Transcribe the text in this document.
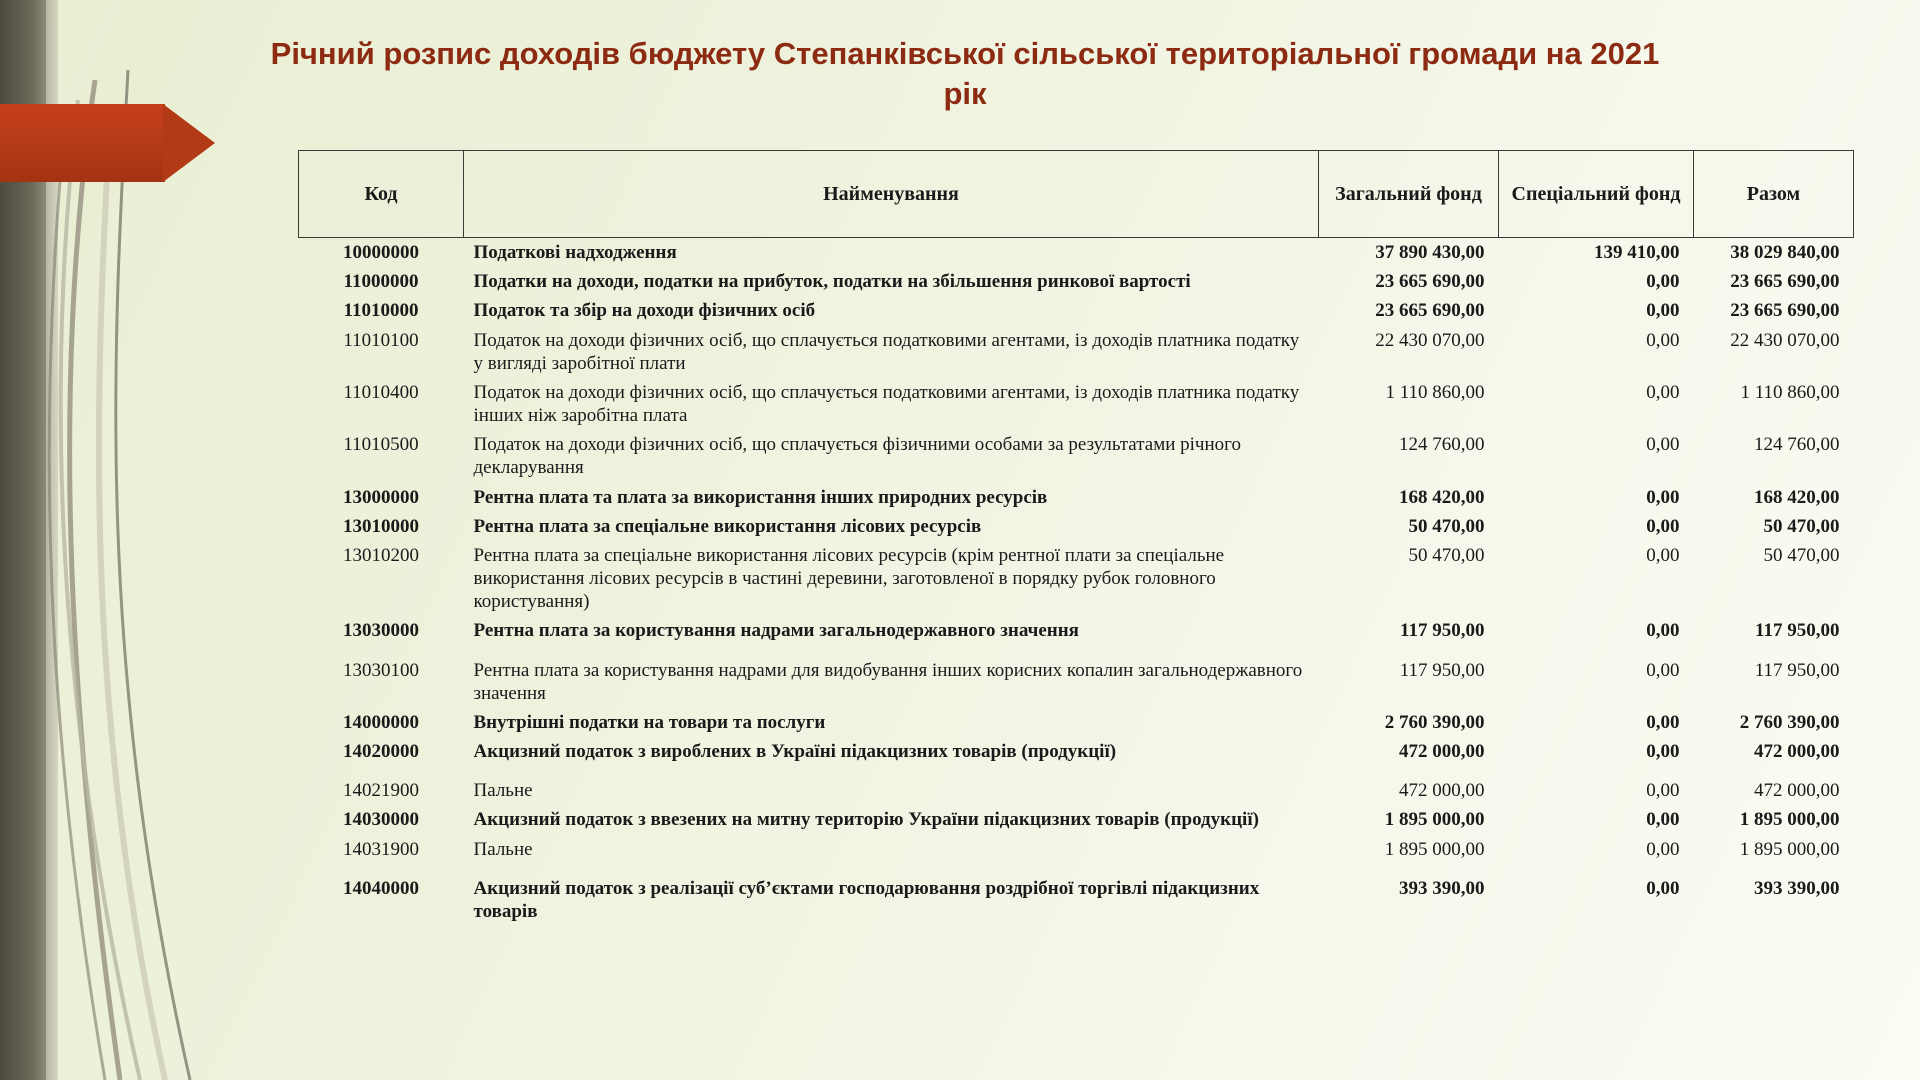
Річний розпис доходів бюджету Степанківської сільської територіальної громади на 2021 рік
Код	Найменування	Загальний фонд	Спеціальний фонд	Разом
10000000	Податкові надходження	37 890 430,00	139 410,00	38 029 840,00
11000000	Податки на доходи, податки на прибуток, податки на збільшення ринкової вартості	23 665 690,00	0,00	23 665 690,00
11010000	Податок та збір на доходи фізичних осіб	23 665 690,00	0,00	23 665 690,00
11010100	Податок на доходи фізичних осіб, що сплачується податковими агентами, із доходів платника податку у вигляді заробітної плати	22 430 070,00	0,00	22 430 070,00
11010400	Податок на доходи фізичних осіб, що сплачується податковими агентами, із доходів платника податку інших ніж заробітна плата	1 110 860,00	0,00	1 110 860,00
11010500	Податок на доходи фізичних осіб, що сплачується фізичними особами за результатами річного декларування	124 760,00	0,00	124 760,00
13000000	Рентна плата та плата за використання інших природних ресурсів	168 420,00	0,00	168 420,00
13010000	Рентна плата за спеціальне використання лісових ресурсів	50 470,00	0,00	50 470,00
13010200	Рентна плата за спеціальне використання лісових ресурсів (крім рентної плати за спеціальне використання лісових ресурсів в частині деревини, заготовленої в порядку рубок головного користування)	50 470,00	0,00	50 470,00
13030000	Рентна плата за користування надрами загальнодержавного значення	117 950,00	0,00	117 950,00
13030100	Рентна плата за користування надрами для видобування інших корисних копалин загальнодержавного значення	117 950,00	0,00	117 950,00
14000000	Внутрішні податки на товари та послуги	2 760 390,00	0,00	2 760 390,00
14020000	Акцизний податок з вироблених в Україні підакцизних товарів (продукції)	472 000,00	0,00	472 000,00
14021900	Пальне	472 000,00	0,00	472 000,00
14030000	Акцизний податок з ввезених на митну територію України підакцизних товарів (продукції)	1 895 000,00	0,00	1 895 000,00
14031900	Пальне	1 895 000,00	0,00	1 895 000,00
14040000	Акцизний податок з реалізації суб’єктами господарювання роздрібної торгівлі підакцизних товарів	393 390,00	0,00	393 390,00
